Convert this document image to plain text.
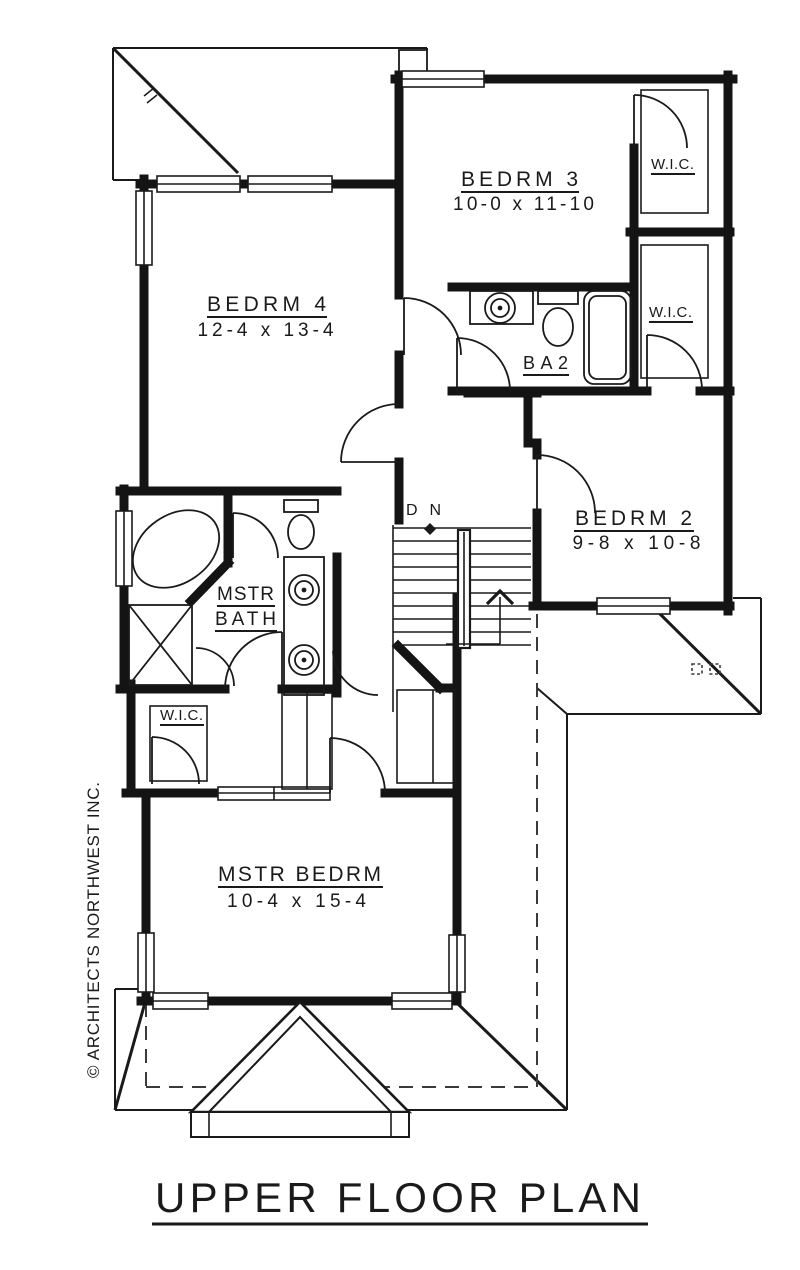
BEDRM 3
10-0 x 11-10
BEDRM 4
12-4 x 13-4
BEDRM 2
9-8 x 10-8
MSTR BEDRM
10-4 x 15-4
MSTR
BATH
BA2
W.I.C.
W.I.C.
W.I.C.
DN
UPPER FLOOR PLAN
© ARCHITECTS NORTHWEST INC.
